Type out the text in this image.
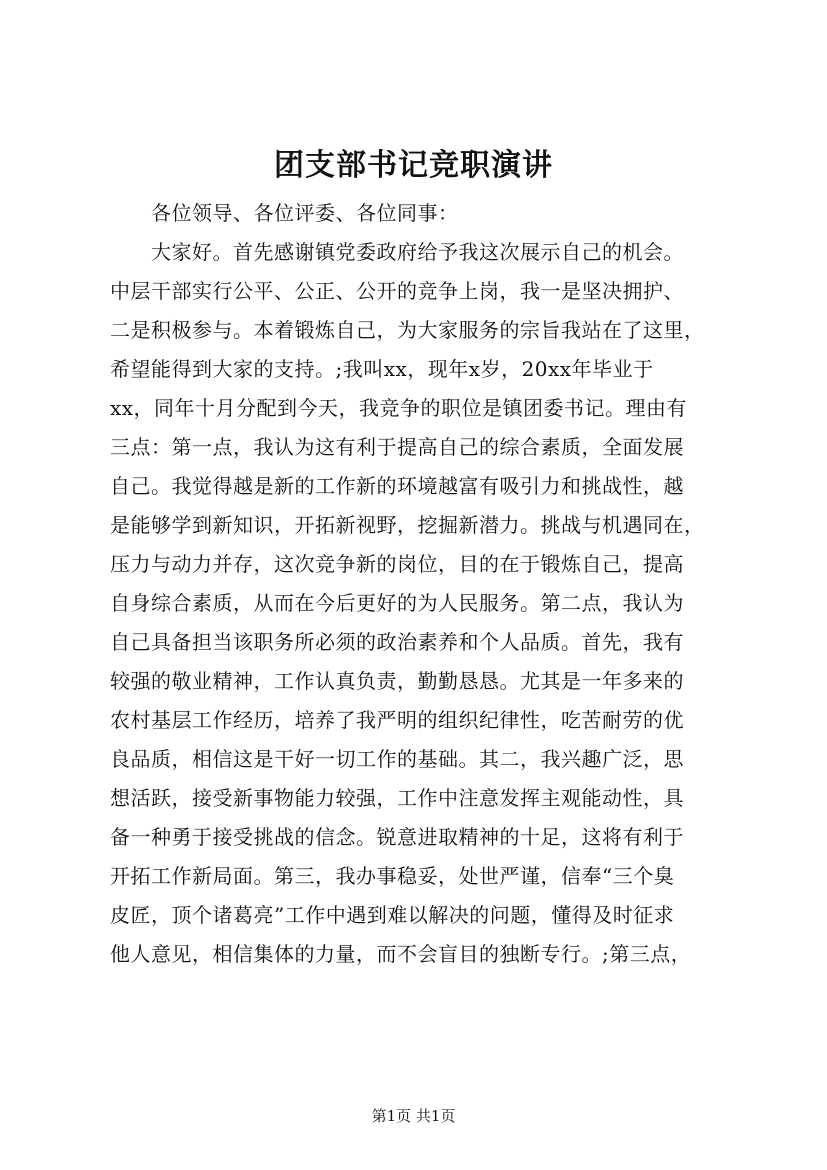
团支部书记竞职演讲
　　各位领导、各位评委、各位同事：
　　大家好。首先感谢镇党委政府给予我这次展示自己的机会。
中层干部实行公平、公正、公开的竞争上岗，我一是坚决拥护、
二是积极参与。本着锻炼自己，为大家服务的宗旨我站在了这里，
希望能得到大家的支持。;我叫xx，现年x岁，20xx年毕业于
xx，同年十月分配到今天，我竞争的职位是镇团委书记。理由有
三点：第一点，我认为这有利于提高自己的综合素质，全面发展
自己。我觉得越是新的工作新的环境越富有吸引力和挑战性，越
是能够学到新知识，开拓新视野，挖掘新潜力。挑战与机遇同在，
压力与动力并存，这次竞争新的岗位，目的在于锻炼自己，提高
自身综合素质，从而在今后更好的为人民服务。第二点，我认为
自己具备担当该职务所必须的政治素养和个人品质。首先，我有
较强的敬业精神，工作认真负责，勤勤恳恳。尤其是一年多来的
农村基层工作经历，培养了我严明的组织纪律性，吃苦耐劳的优
良品质，相信这是干好一切工作的基础。其二，我兴趣广泛，思
想活跃，接受新事物能力较强，工作中注意发挥主观能动性，具
备一种勇于接受挑战的信念。锐意进取精神的十足，这将有利于
开拓工作新局面。第三，我办事稳妥，处世严谨，信奉“三个臭
皮匠，顶个诸葛亮”工作中遇到难以解决的问题，懂得及时征求
他人意见，相信集体的力量，而不会盲目的独断专行。;第三点，
第1页 共1页
